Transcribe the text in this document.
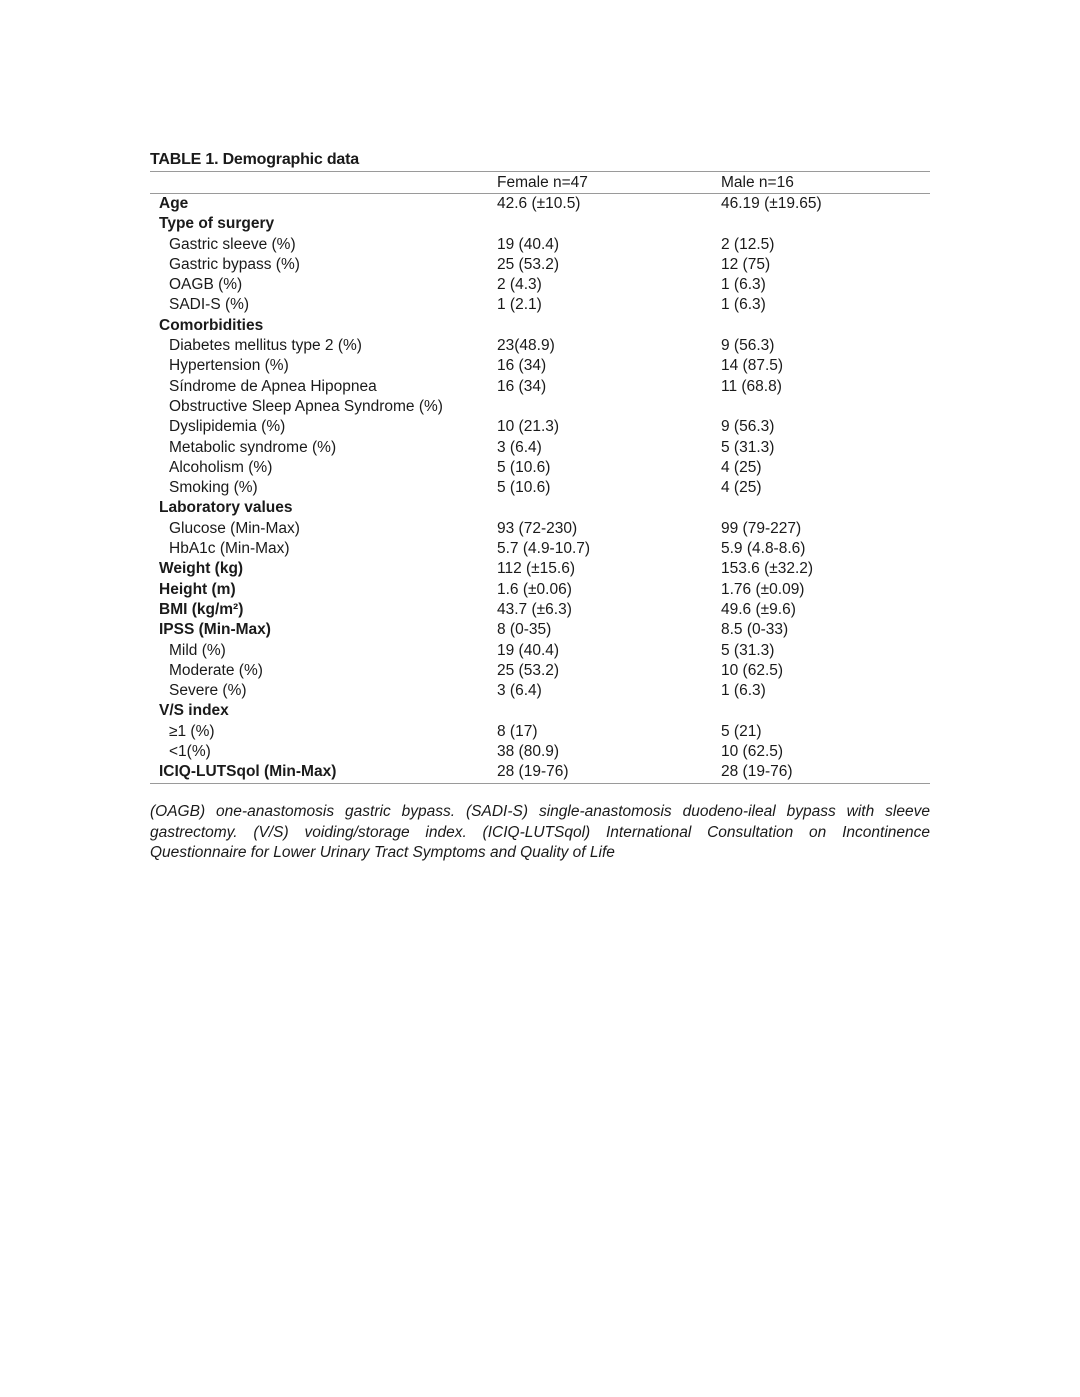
TABLE 1. Demographic data
Female n=47	Male n=16
Age	42.6 (±10.5)	46.19 (±19.65)
Type of surgery
Gastric sleeve (%)	19 (40.4)	2 (12.5)
Gastric bypass (%)	25 (53.2)	12 (75)
OAGB (%)	2 (4.3)	1 (6.3)
SADI-S (%)	1 (2.1)	1 (6.3)
Comorbidities
Diabetes mellitus type 2 (%)	23(48.9)	9 (56.3)
Hypertension (%)	16 (34)	14 (87.5)
Síndrome de Apnea Hipopnea	16 (34)	11 (68.8)
Obstructive Sleep Apnea Syndrome (%)
Dyslipidemia (%)	10 (21.3)	9 (56.3)
Metabolic syndrome (%)	3 (6.4)	5 (31.3)
Alcoholism (%)	5 (10.6)	4 (25)
Smoking (%)	5 (10.6)	4 (25)
Laboratory values
Glucose (Min-Max)	93 (72-230)	99 (79-227)
HbA1c (Min-Max)	5.7 (4.9-10.7)	5.9 (4.8-8.6)
Weight (kg)	112 (±15.6)	153.6 (±32.2)
Height (m)	1.6 (±0.06)	1.76 (±0.09)
BMI (kg/m²)	43.7 (±6.3)	49.6 (±9.6)
IPSS (Min-Max)	8 (0-35)	8.5 (0-33)
Mild (%)	19 (40.4)	5 (31.3)
Moderate (%)	25 (53.2)	10 (62.5)
Severe (%)	3 (6.4)	1 (6.3)
V/S index
≥1 (%)	8 (17)	5 (21)
<1(%)	38 (80.9)	10 (62.5)
ICIQ-LUTSqol (Min-Max)	28 (19-76)	28 (19-76)
(OAGB) one-anastomosis gastric bypass. (SADI-S) single-anastomosis duodeno-ileal bypass with sleeve gastrectomy. (V/S) voiding/storage index. (ICIQ-LUTSqol) International Consultation on Incontinence Questionnaire for Lower Urinary Tract Symptoms and Quality of Life
